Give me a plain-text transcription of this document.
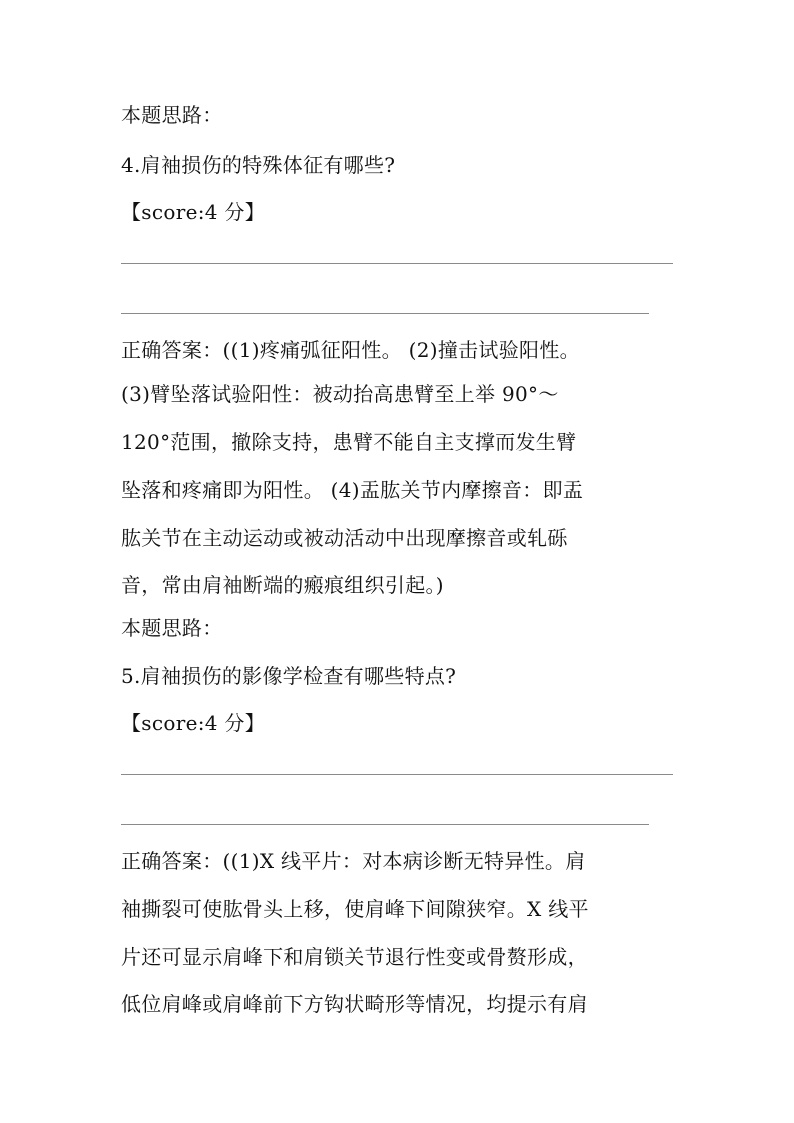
本题思路：
4.肩袖损伤的特殊体征有哪些?
【score:4 分】
正确答案：((1)疼痛弧征阳性。 (2)撞击试验阳性。
(3)臂坠落试验阳性：被动抬高患臂至上举 90°～
120°范围，撤除支持，患臂不能自主支撑而发生臂
坠落和疼痛即为阳性。 (4)盂肱关节内摩擦音：即盂
肱关节在主动运动或被动活动中出现摩擦音或轧砾
音，常由肩袖断端的瘢痕组织引起。)
本题思路：
5.肩袖损伤的影像学检查有哪些特点?
【score:4 分】
正确答案：((1)X 线平片：对本病诊断无特异性。肩
袖撕裂可使肱骨头上移，使肩峰下间隙狭窄。X 线平
片还可显示肩峰下和肩锁关节退行性变或骨赘形成，
低位肩峰或肩峰前下方钩状畸形等情况，均提示有肩
